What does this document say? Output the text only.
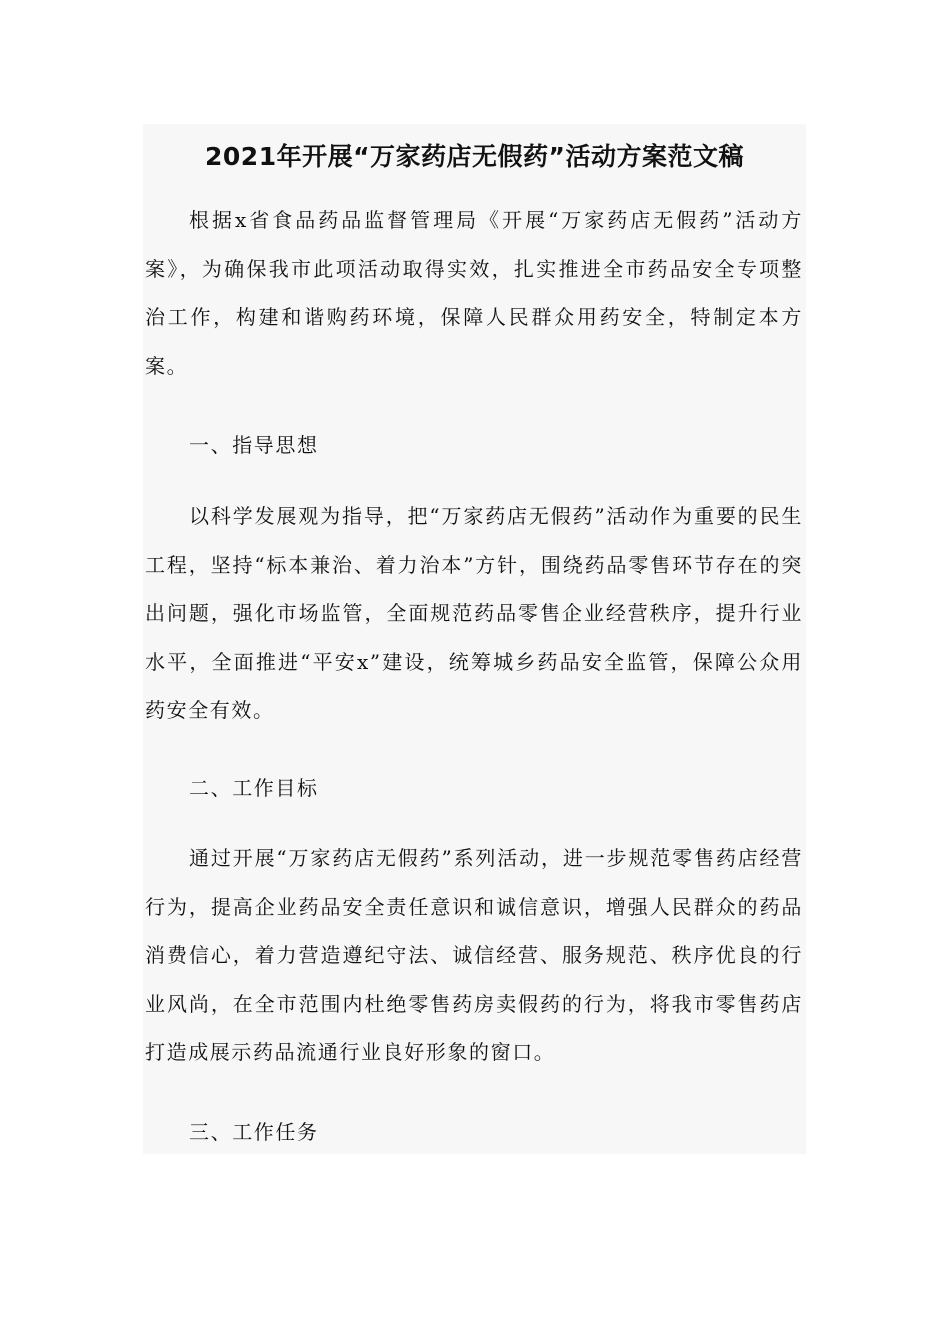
2021年开展“万家药店无假药”活动方案范文稿

根据x省食品药品监督管理局《开展“万家药店无假药”活动方案》，为确保我市此项活动取得实效，扎实推进全市药品安全专项整治工作，构建和谐购药环境，保障人民群众用药安全，特制定本方案。

一、指导思想

以科学发展观为指导，把“万家药店无假药”活动作为重要的民生工程，坚持“标本兼治、着力治本”方针，围绕药品零售环节存在的突出问题，强化市场监管，全面规范药品零售企业经营秩序，提升行业水平，全面推进“平安x”建设，统筹城乡药品安全监管，保障公众用药安全有效。

二、工作目标

通过开展“万家药店无假药”系列活动，进一步规范零售药店经营行为，提高企业药品安全责任意识和诚信意识，增强人民群众的药品消费信心，着力营造遵纪守法、诚信经营、服务规范、秩序优良的行业风尚，在全市范围内杜绝零售药房卖假药的行为，将我市零售药店打造成展示药品流通行业良好形象的窗口。

三、工作任务
